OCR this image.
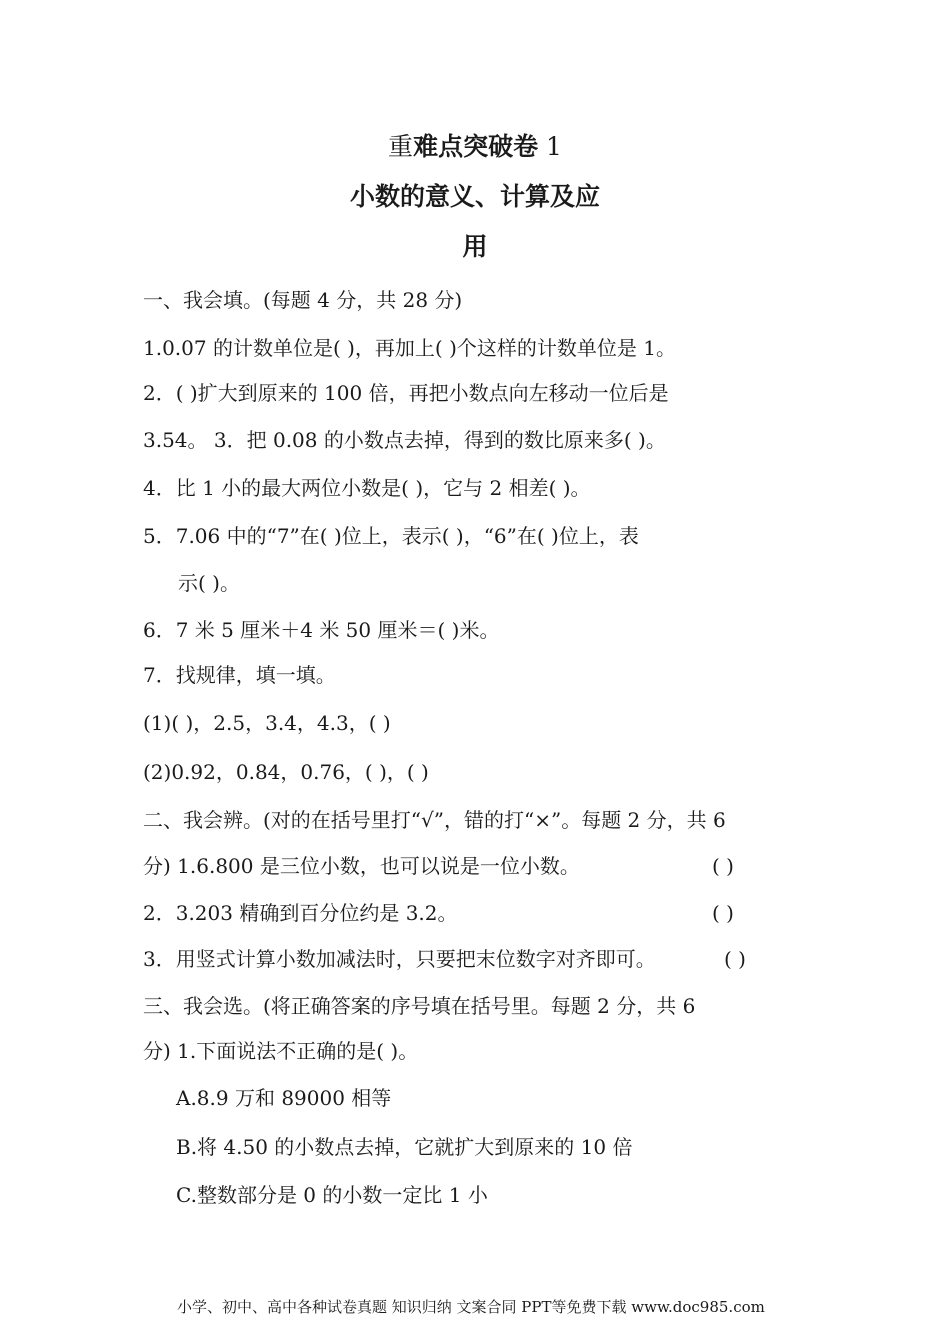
重难点突破卷 1
小数的意义、计算及应
用
一、我会填。(每题 4 分，共 28 分)
1.0.07 的计数单位是( )，再加上( )个这样的计数单位是 1。
2．( )扩大到原来的 100 倍，再把小数点向左移动一位后是
3.54。 3．把 0.08 的小数点去掉，得到的数比原来多( )。
4．比 1 小的最大两位小数是( )，它与 2 相差( )。
5．7.06 中的“7”在( )位上，表示( )，“6”在( )位上，表
示( )。
6．7 米 5 厘米＋4 米 50 厘米＝( )米。
7．找规律，填一填。
(1)( )，2.5，3.4，4.3，( )
(2)0.92，0.84，0.76，( )，( )
二、我会辨。(对的在括号里打“√”，错的打“×”。每题 2 分，共 6
分) 1.6.800 是三位小数，也可以说是一位小数。	( )
2．3.203 精确到百分位约是 3.2。	( )
3．用竖式计算小数加减法时，只要把末位数字对齐即可。	( )
三、我会选。(将正确答案的序号填在括号里。每题 2 分，共 6
分) 1.下面说法不正确的是( )。
A.8.9 万和 89000 相等
B.将 4.50 的小数点去掉，它就扩大到原来的 10 倍
C.整数部分是 0 的小数一定比 1 小
小学、初中、高中各种试卷真题 知识归纳 文案合同 PPT等免费下载 www.doc985.com
